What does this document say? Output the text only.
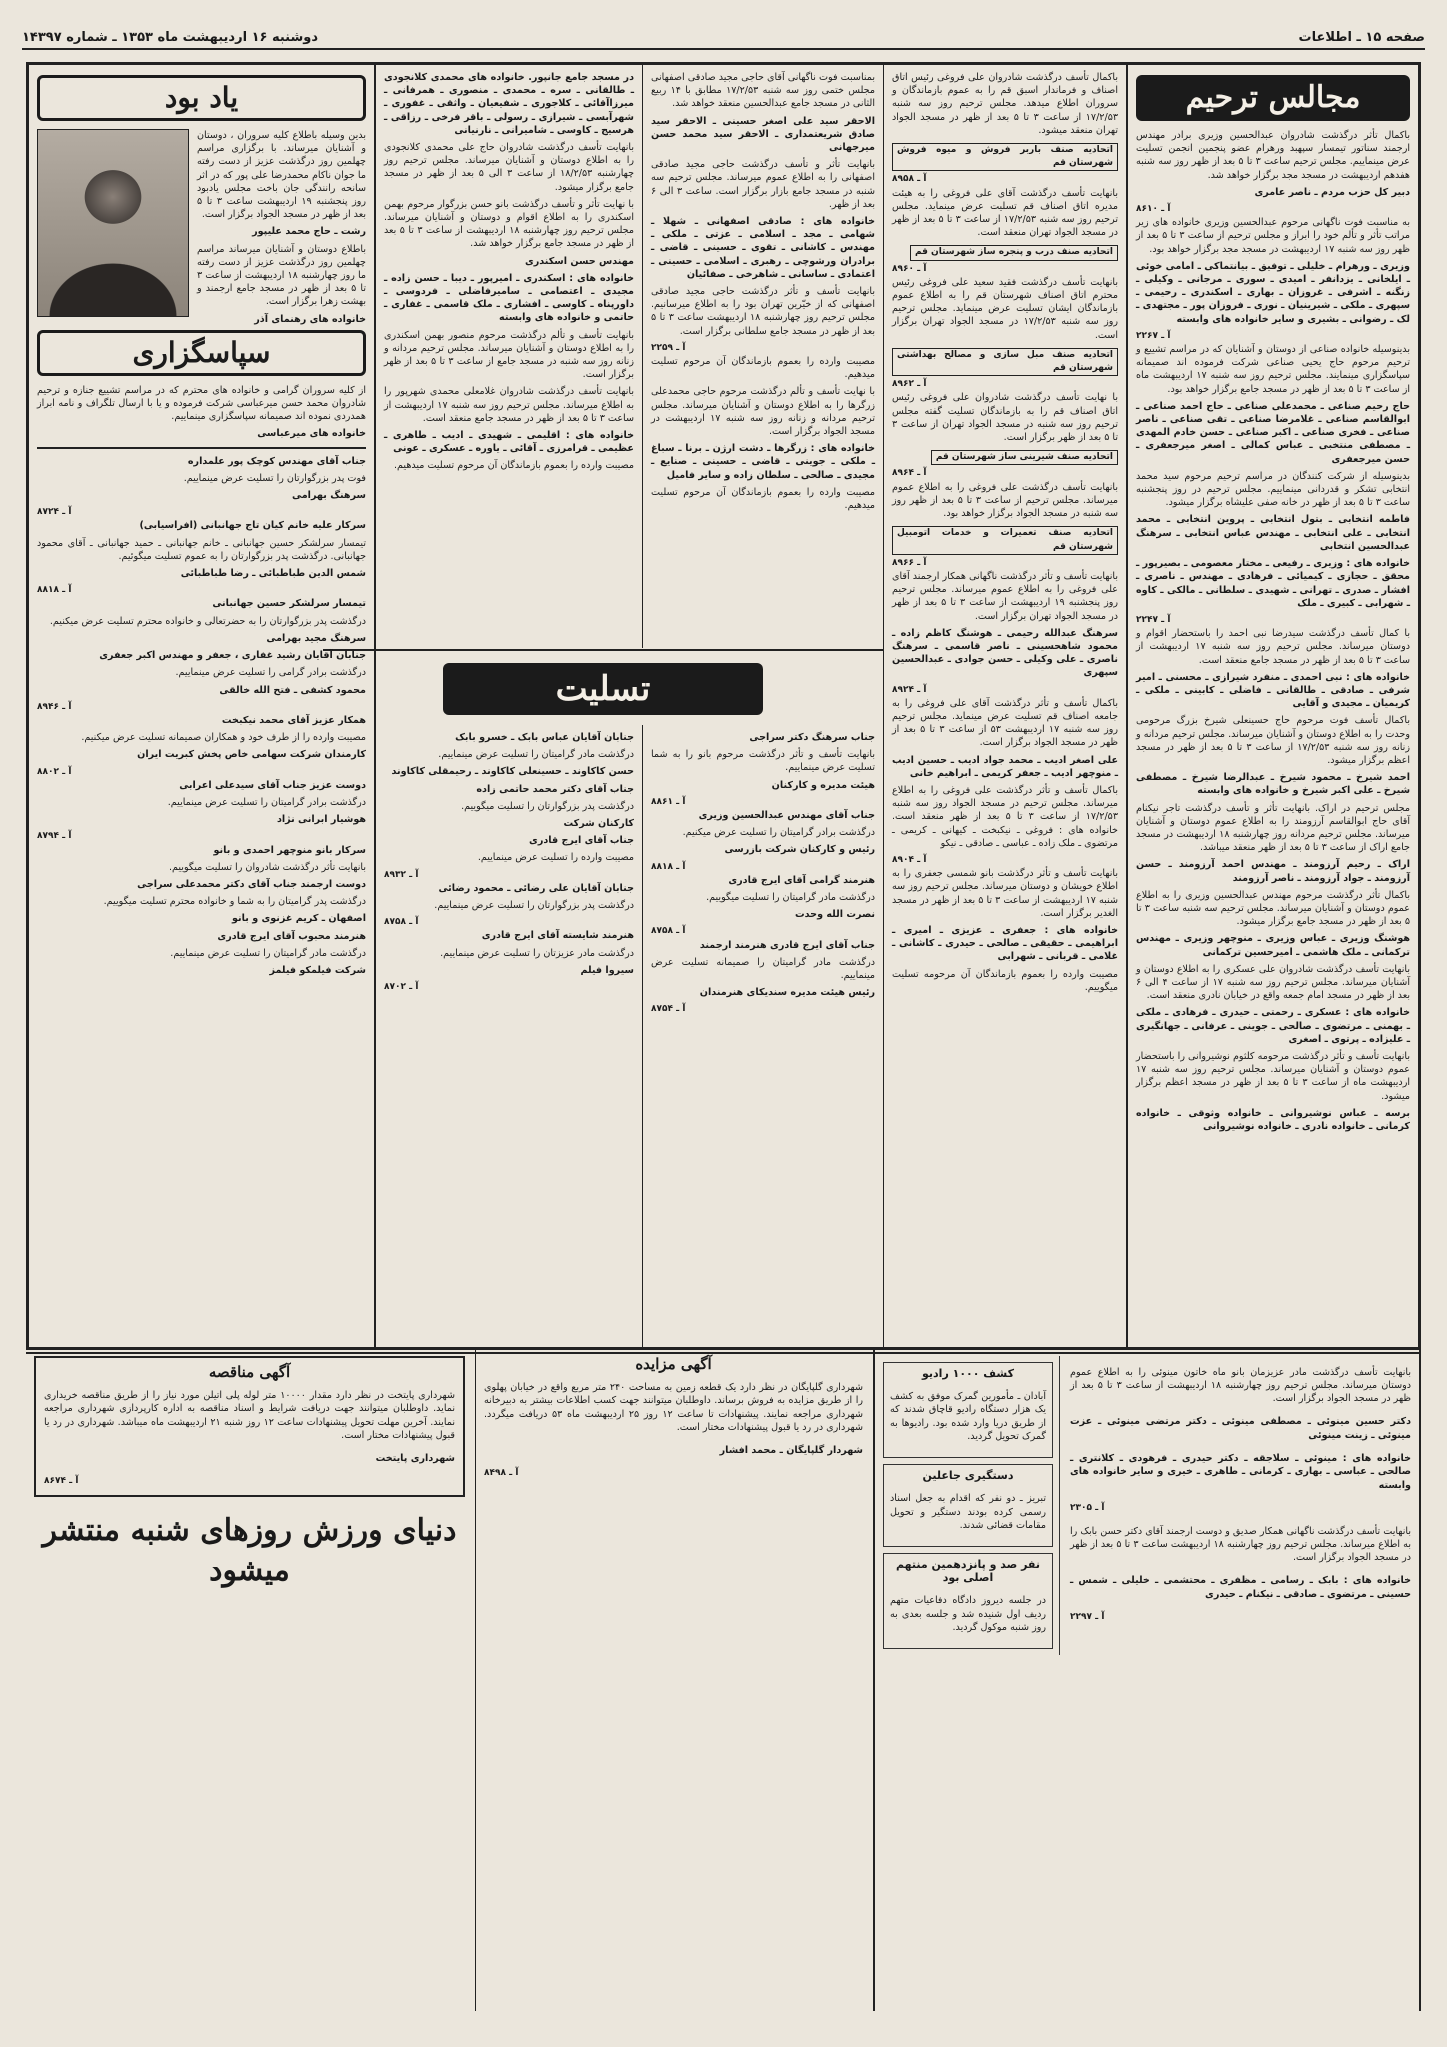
صفحه ۱۵ ـ اطلاعات
دوشنبه ۱۶ اردیبهشت ماه ۱۳۵۳ ـ شماره ۱۴۳۹۷
مجالس ترحیم

باکمال تأثر درگذشت شادروان عبدالحسین وزیری برادر مهندس ارجمند سناتور تیمسار سپهبد ورهرام عضو پنجمین انجمن تسلیت عرض مینماییم. مجلس ترحیم ساعت ۳ تا ۵ بعد از ظهر روز سه شنبه هفدهم اردیبهشت در مسجد مجد برگزار خواهد شد.

دبیر کل حزب مردم ـ ناصر عامری

آ ـ ۸۶۱۰

به مناسبت فوت ناگهانی مرحوم عبدالحسین وزیری خانواده های زیر مراتب تأثر و تألم خود را ابراز و مجلس ترحیم از ساعت ۳ تا ۵ بعد از ظهر روز سه شنبه ۱۷ اردیبهشت در مسجد مجد برگزار خواهد بود.

وزیری ـ ورهرام ـ خلیلی ـ توفیق ـ بیانتماکی ـ امامی خوئی ـ ایلخانی ـ یزدانفر ـ امیدی ـ سوری ـ مرجانی ـ وکیلی ـ زنگنه ـ اشرفی ـ غروزان ـ بهاری ـ اسکندری ـ رحیمی ـ سپهری ـ ملکی ـ شیرینیان ـ نوری ـ فروزان پور ـ مجتهدی ـ لک ـ رضوانی ـ بشیری و سایر خانواده های وابسته

آ ـ ۲۲۶۷

بدینوسیله خانواده صناعی از دوستان و آشنایان که در مراسم تشییع و ترحیم مرحوم حاج یحیی صناعی شرکت فرموده اند صمیمانه سپاسگزاری مینمایند. مجلس ترحیم روز سه شنبه ۱۷ اردیبهشت ماه از ساعت ۳ تا ۵ بعد از ظهر در مسجد جامع برگزار خواهد بود.

حاج رحیم صناعی ـ محمدعلی صناعی ـ حاج احمد صناعی ـ ابوالقاسم صناعی ـ غلامرضا صناعی ـ تقی صناعی ـ ناصر صناعی ـ فخری صناعی ـ اکبر صناعی ـ حسن خادم المهدی ـ مصطفی منتخبی ـ عباس کمالی ـ اصغر میرجعفری ـ حسن میرجعفری

بدینوسیله از شرکت کنندگان در مراسم ترحیم مرحوم سید محمد انتخابی تشکر و قدردانی مینماییم. مجلس ترحیم در روز پنجشنبه ساعت ۳ تا ۵ بعد از ظهر در خانه صفی علیشاه برگزار میشود.

فاطمه انتخابی ـ بتول انتخابی ـ پروین انتخابی ـ محمد انتخابی ـ علی انتخابی ـ مهندس عباس انتخابی ـ سرهنگ عبدالحسین انتخابی

خانواده های : وزیری ـ رفیعی ـ مختار معصومی ـ بصیرپور ـ محقق ـ حجازی ـ کیمیائی ـ فرهادی ـ مهندس ـ ناصری ـ افشار ـ صدری ـ تهرانی ـ شهیدی ـ سلطانی ـ مالکی ـ کاوه ـ شهرابی ـ کبیری ـ ملک

آ ـ ۲۲۴۷

با کمال تأسف درگذشت سیدرضا نبی احمد را باستحضار اقوام و دوستان میرساند. مجلس ترحیم روز سه شنبه ۱۷ اردیبهشت از ساعت ۳ تا ۵ بعد از ظهر در مسجد جامع منعقد است.

خانواده های : نبی احمدی ـ منفرد شیرازی ـ محسنی ـ امیر شرفی ـ صادقی ـ طالقانی ـ فاضلی ـ کابینی ـ ملکی ـ کریمیان ـ مجیدی و آقایی

باکمال تأسف فوت مرحوم حاج حسینعلی شیرخ بزرگ مرحومی وحدت را به اطلاع دوستان و آشنایان میرساند. مجلس ترحیم مردانه و زنانه روز سه شنبه ۱۷/۲/۵۳ از ساعت ۳ تا ۵ بعد از ظهر در مسجد اعظم برگزار میشود.

احمد شیرخ ـ محمود شیرخ ـ عبدالرضا شیرخ ـ مصطفی شیرخ ـ علی اکبر شیرخ و خانواده های وابسته

مجلس ترحیم در اراک. بانهایت تأثر و تأسف درگذشت تاجر نیکنام آقای حاج ابوالقاسم آرزومند را به اطلاع عموم دوستان و آشنایان میرساند. مجلس ترحیم مردانه روز چهارشنبه ۱۸ اردیبهشت در مسجد جامع اراک از ساعت ۳ تا ۵ بعد از ظهر منعقد میباشد.

اراک ـ رحیم آرزومند ـ مهندس احمد آرزومند ـ حسن آرزومند ـ جواد آرزومند ـ ناصر آرزومند

باکمال تأثر درگذشت مرحوم مهندس عبدالحسین وزیری را به اطلاع عموم دوستان و آشنایان میرساند. مجلس ترحیم سه شنبه ساعت ۳ تا ۵ بعد از ظهر در مسجد جامع برگزار میشود.

هوشنگ وزیری ـ عباس وزیری ـ منوچهر وزیری ـ مهندس ترکمانی ـ ملک هاشمی ـ امیرحسین ترکمانی

بانهایت تأسف درگذشت شادروان علی عسکری را به اطلاع دوستان و آشنایان میرساند. مجلس ترحیم روز سه شنبه ۱۷ از ساعت ۴ الی ۶ بعد از ظهر در مسجد امام جمعه واقع در خیابان نادری منعقد است.

خانواده های : عسکری ـ رحمتی ـ حیدری ـ فرهادی ـ ملکی ـ بهمنی ـ مرتضوی ـ صالحی ـ جوینی ـ عرفانی ـ جهانگیری ـ علیزاده ـ پرتوی ـ اصغری

بانهایت تأسف و تأثر درگذشت مرحومه کلثوم نوشیروانی را باستحضار عموم دوستان و آشنایان میرساند. مجلس ترحیم روز سه شنبه ۱۷ اردیبهشت ماه از ساعت ۳ تا ۵ بعد از ظهر در مسجد اعظم برگزار میشود.

برسه ـ عباس نوشیروانی ـ خانواده وثوقی ـ خانواده کرمانی ـ خانواده نادری ـ خانواده نوشیروانی

باکمال تأسف درگذشت شادروان علی فروغی رئیس اتاق اصناف و فرماندار اسبق قم را به عموم بازماندگان و سروران اطلاع میدهد. مجلس ترحیم روز سه شنبه ۱۷/۲/۵۳ از ساعت ۳ تا ۵ بعد از ظهر در مسجد الجواد تهران منعقد میشود.

اتحادیه صنف باربر فروش و میوه فروش شهرستان قم
آ ـ ۸۹۵۸

بانهایت تأسف درگذشت آقای علی فروغی را به هیئت مدیره اتاق اصناف قم تسلیت عرض مینماید. مجلس ترحیم روز سه شنبه ۱۷/۲/۵۳ از ساعت ۳ تا ۵ بعد از ظهر در مسجد الجواد تهران منعقد است.

اتحادیه صنف درب و پنجره ساز شهرستان قم
آ ـ ۸۹۶۰

بانهایت تأسف درگذشت فقید سعید علی فروغی رئیس محترم اتاق اصناف شهرستان قم را به اطلاع عموم بازماندگان ایشان تسلیت عرض مینماید. مجلس ترحیم روز سه شنبه ۱۷/۲/۵۳ در مسجد الجواد تهران برگزار است.

اتحادیه صنف مبل سازی و مصالح بهداشتی شهرستان قم
آ ـ ۸۹۶۲

با نهایت تأسف درگذشت شادروان علی فروغی رئیس اتاق اصناف قم را به بازماندگان تسلیت گفته مجلس ترحیم روز سه شنبه در مسجد الجواد تهران از ساعت ۳ تا ۵ بعد از ظهر برگزار است.

اتحادیه صنف شیرینی ساز شهرستان قم
آ ـ ۸۹۶۴

بانهایت تأسف درگذشت علی فروغی را به اطلاع عموم میرساند. مجلس ترحیم از ساعت ۳ تا ۵ بعد از ظهر روز سه شنبه در مسجد الجواد برگزار خواهد بود.

اتحادیه صنف تعمیرات و خدمات اتومبیل شهرستان قم
آ ـ ۸۹۶۶

بانهایت تأسف و تأثر درگذشت ناگهانی همکار ارجمند آقای علی فروغی را به اطلاع عموم میرساند. مجلس ترحیم روز پنجشنبه ۱۹ اردیبهشت از ساعت ۳ تا ۵ بعد از ظهر در مسجد الجواد تهران برگزار است.

سرهنگ عبدالله رحیمی ـ هوشنگ کاظم زاده ـ محمود شاهحسینی ـ ناصر قاسمی ـ سرهنگ ناصری ـ علی وکیلی ـ حسن جوادی ـ عبدالحسین سپهری

آ ـ ۸۹۲۴

باکمال تأسف و تأثر درگذشت آقای علی فروغی را به جامعه اصناف قم تسلیت عرض مینماید. مجلس ترحیم روز سه شنبه ۱۷ اردیبهشت ۵۳ از ساعت ۳ تا ۵ بعد از ظهر در مسجد الجواد برگزار است.

علی اصغر ادیب ـ محمد جواد ادیب ـ حسین ادیب ـ منوچهر ادیب ـ جعفر کریمی ـ ابراهیم خانی

باکمال تأسف و تأثر درگذشت علی فروغی را به اطلاع میرساند. مجلس ترحیم در مسجد الجواد روز سه شنبه ۱۷/۲/۵۳ از ساعت ۳ تا ۵ بعد از ظهر منعقد است. خانواده های : فروغی ـ نیکبخت ـ کیهانی ـ کریمی ـ مرتضوی ـ ملک زاده ـ عباسی ـ صادقی ـ نیکو

آ ـ ۸۹۰۴

بانهایت تأسف و تأثر درگذشت بانو شمسی جعفری را به اطلاع خویشان و دوستان میرساند. مجلس ترحیم روز سه شنبه ۱۷ اردیبهشت از ساعت ۳ تا ۵ بعد از ظهر در مسجد الغدیر برگزار است.

خانواده های : جعفری ـ عزیزی ـ امیری ـ ابراهیمی ـ حقیقی ـ صالحی ـ حیدری ـ کاشانی ـ غلامی ـ قربانی ـ شهرابی

مصیبت وارده را بعموم بازماندگان آن مرحومه تسلیت میگوییم.

بمناسبت فوت ناگهانی آقای حاجی مجید صادقی اصفهانی مجلس ختمی روز سه شنبه ۱۷/۲/۵۳ مطابق با ۱۴ ربیع الثانی در مسجد جامع عبدالحسین منعقد خواهد شد.

الاحقر سید علی اصغر حسینی ـ الاحقر سید صادق شریعتمداری ـ الاحقر سید محمد حسن میرجهانی

بانهایت تأثر و تأسف درگذشت حاجی مجید صادقی اصفهانی را به اطلاع عموم میرساند. مجلس ترحیم سه شنبه در مسجد جامع بازار برگزار است. ساعت ۳ الی ۶ بعد از ظهر.

خانواده های : صادقی اصفهانی ـ شهلا ـ شهامی ـ مجد ـ اسلامی ـ عزتی ـ ملکی ـ مهندس ـ کاشانی ـ تقوی ـ حسینی ـ قاضی ـ برادران ورشوچی ـ رهبری ـ اسلامی ـ حسینی ـ اعتمادی ـ ساسانی ـ شاهرخی ـ صفائیان

بانهایت تأسف و تأثر درگذشت حاجی مجید صادقی اصفهانی که از خیّرین تهران بود را به اطلاع میرسانیم. مجلس ترحیم روز چهارشنبه ۱۸ اردیبهشت ساعت ۳ تا ۵ بعد از ظهر در مسجد جامع سلطانی برگزار است.

آ ـ ۲۲۵۹

مصیبت وارده را بعموم بازماندگان آن مرحوم تسلیت میدهیم.

با نهایت تأسف و تألم درگذشت مرحوم حاجی محمدعلی زرگرها را به اطلاع دوستان و آشنایان میرساند. مجلس ترحیم مردانه و زنانه روز سه شنبه ۱۷ اردیبهشت در مسجد الجواد برگزار است.

خانواده های : زرگرها ـ دشت ارژن ـ برنا ـ سباغ ـ ملکی ـ جوینی ـ قاضی ـ حسینی ـ صنایع ـ مجیدی ـ صالحی ـ سلطان زاده و سایر فامیل

مصیبت وارده را بعموم بازماندگان آن مرحوم تسلیت میدهیم.

در مسجد جامع جانپور. خانواده های محمدی کلانجودی ـ طالقانی ـ سره ـ محمدی ـ منصوری ـ همرفانی ـ میرزاآقائی ـ کلاجوری ـ شفیعیان ـ واثقی ـ غفوری ـ شهرآبسی ـ شیرازی ـ رسولی ـ باقر فرخی ـ رزاقی ـ هرسیج ـ کاوسی ـ شامیرانی ـ نارنیانی

بانهایت تأسف درگذشت شادروان حاج علی محمدی کلانجودی را به اطلاع دوستان و آشنایان میرساند. مجلس ترحیم روز چهارشنبه ۱۸/۲/۵۳ از ساعت ۳ الی ۵ بعد از ظهر در مسجد جامع برگزار میشود.

با نهایت تأثر و تأسف درگذشت بانو حسن بزرگوار مرحوم بهمن اسکندری را به اطلاع اقوام و دوستان و آشنایان میرساند. مجلس ترحیم روز چهارشنبه ۱۸ اردیبهشت از ساعت ۳ تا ۵ بعد از ظهر در مسجد جامع برگزار خواهد شد.

مهندس حسن اسکندری

خانواده های : اسکندری ـ امیرپور ـ دیبا ـ حسن زاده ـ مجیدی ـ اعتصامی ـ سامیرفاضلی ـ فردوسی ـ داورپناه ـ کاوسی ـ افشاری ـ ملک قاسمی ـ غفاری ـ حاتمی و خانواده های وابسته

بانهایت تأسف و تألم درگذشت مرحوم منصور بهمن اسکندری را به اطلاع دوستان و آشنایان میرساند. مجلس ترحیم مردانه و زنانه روز سه شنبه در مسجد جامع از ساعت ۳ تا ۵ بعد از ظهر برگزار است.

بانهایت تأسف درگذشت شادروان غلامعلی محمدی شهرپور را به اطلاع میرساند. مجلس ترحیم روز سه شنبه ۱۷ اردیبهشت از ساعت ۳ تا ۵ بعد از ظهر در مسجد جامع منعقد است.

خانواده های : اقلیمی ـ شهیدی ـ ادیب ـ طاهری ـ عظیمی ـ قرامرزی ـ آقائی ـ یاوره ـ عسکری ـ عونی

مصیبت وارده را بعموم بازماندگان آن مرحوم تسلیت میدهیم.

تسلیت

جناب سرهنگ دکتر سراجی

بانهایت تأسف و تأثر درگذشت مرحوم بانو را به شما تسلیت عرض مینماییم.

هیئت مدیره و کارکنان

آ ـ ۸۸۶۱

جناب آقای مهندس عبدالحسین وزیری

درگذشت برادر گرامیتان را تسلیت عرض میکنیم.

رئیس و کارکنان شرکت بازرسی

آ ـ ۸۸۱۸

هنرمند گرامی آقای ایرج قادری

درگذشت مادر گرامیتان را تسلیت میگوییم.

نصرت الله وحدت

آ ـ ۸۷۵۸

جناب آقای ایرج قادری هنرمند ارجمند

درگذشت مادر گرامیتان را صمیمانه تسلیت عرض مینماییم.

رئیس هیئت مدیره سندیکای هنرمندان

آ ـ ۸۷۵۴

جنابان آقایان عباس بابک ـ خسرو بابک

درگذشت مادر گرامیتان را تسلیت عرض مینماییم.

حسن کاکاوند ـ حسینعلی کاکاوند ـ رحیمقلی کاکاوند

جناب آقای دکتر محمد حاتمی زاده

درگذشت پدر بزرگوارتان را تسلیت میگوییم.

کارکنان شرکت

جناب آقای ایرج قادری

مصیبت وارده را تسلیت عرض مینماییم.

آ ـ ۸۹۳۲

جنابان آقایان علی رضائی ـ محمود رضائی

درگذشت پدر بزرگوارتان را تسلیت عرض مینماییم.

آ ـ ۸۷۵۸

هنرمند شایسته آقای ایرج قادری

درگذشت مادر عزیزتان را تسلیت عرض مینماییم.

سیروا فیلم

آ ـ ۸۷۰۲
یاد بود

بدین وسیله باطلاع کلیه سروران ، دوستان و آشنایان میرساند. با برگزاری مراسم چهلمین روز درگذشت عزیز از دست رفته ما جوان ناکام محمدرضا علی پور که در اثر سانحه رانندگی جان باخت مجلس یادبود روز پنجشنبه ۱۹ اردیبهشت ساعت ۳ تا ۵ بعد از ظهر در مسجد الجواد برگزار است.

رشت ـ حاج محمد علیپور

باطلاع دوستان و آشنایان میرساند مراسم چهلمین روز درگذشت عزیز از دست رفته ما روز چهارشنبه ۱۸ اردیبهشت از ساعت ۳ تا ۵ بعد از ظهر در مسجد جامع ارجمند و بهشت زهرا برگزار است.

خانواده های رهنمای آذر

سپاسگزاری

از کلیه سروران گرامی و خانواده های محترم که در مراسم تشییع جنازه و ترحیم شادروان محمد حسن میرعباسی شرکت فرموده و یا با ارسال تلگراف و نامه ابراز همدردی نموده اند صمیمانه سپاسگزاری مینماییم.

خانواده های میرعباسی

جناب آقای مهندس کوچک پور علمداره

فوت پدر بزرگوارتان را تسلیت عرض مینماییم.

سرهنگ بهرامی

آ ـ ۸۷۲۴

سرکار علیه خانم کیان تاج جهانبانی (افراسیابی)

تیمسار سرلشکر حسین جهانبانی ـ خانم جهانبانی ـ حمید جهانبانی ـ آقای محمود جهانبانی. درگذشت پدر بزرگوارتان را به عموم تسلیت میگوئیم.

شمس الدین طباطبائی ـ رضا طباطبائی

آ ـ ۸۸۱۸

تیمسار سرلشکر حسین جهانبانی

درگذشت پدر بزرگوارتان را به حضرتعالی و خانواده محترم تسلیت عرض میکنیم.

سرهنگ مجید بهرامی

جنابان آقایان رشید غفاری ، جعفر و مهندس اکبر جعفری

درگذشت برادر گرامی را تسلیت عرض مینماییم.

محمود کشفی ـ فتح الله خالقی

آ ـ ۸۹۴۶

همکار عزیز آقای محمد نیکبخت

مصیبت وارده را از طرف خود و همکاران صمیمانه تسلیت عرض میکنیم.

کارمندان شرکت سهامی خاص پخش کبریت ایران

آ ـ ۸۸۰۲

دوست عزیز جناب آقای سیدعلی اعرابی

درگذشت برادر گرامیتان را تسلیت عرض مینماییم.

هوشیار ابرانی نژاد

آ ـ ۸۷۹۴

سرکار بانو منوچهر احمدی و بانو

بانهایت تأثر درگذشت شادروان را تسلیت میگوییم.

دوست ارجمند جناب آقای دکتر محمدعلی سراجی

درگذشت پدر گرامیتان را به شما و خانواده محترم تسلیت میگوییم.

اصفهان ـ کریم غزنوی و بانو

هنرمند محبوب آقای ایرج قادری

درگذشت مادر گرامیتان را تسلیت عرض مینماییم.

شرکت فیلمکو فیلمز

بانهایت تأسف درگذشت مادر عزیزمان بانو ماه خاتون مینوئی را به اطلاع عموم دوستان میرساند. مجلس ترحیم روز چهارشنبه ۱۸ اردیبهشت از ساعت ۳ تا ۵ بعد از ظهر در مسجد الجواد برگزار است.

دکتر حسین مینوئی ـ مصطفی مینوئی ـ دکتر مرتضی مینوئی ـ عزت مینوئی ـ زینت مینوئی

خانواده های : مینوئی ـ سلاجقه ـ دکتر حیدری ـ فرهودی ـ کلانتری ـ صالحی ـ عباسی ـ بهاری ـ کرمانی ـ طاهری ـ خیری و سایر خانواده های وابسته

آ ـ ۲۳۰۵

بانهایت تأسف درگذشت ناگهانی همکار صدیق و دوست ارجمند آقای دکتر حسن بابک را به اطلاع میرساند. مجلس ترحیم روز چهارشنبه ۱۸ اردیبهشت ساعت ۳ تا ۵ بعد از ظهر در مسجد الجواد برگزار است.

خانواده های : بابک ـ رسامی ـ مظفری ـ محتشمی ـ خلیلی ـ شمس ـ حسینی ـ مرتضوی ـ صادقی ـ نیکنام ـ حیدری

آ ـ ۲۲۹۷
کشف ۱۰۰۰ رادیو

آبادان ـ مأمورین گمرک موفق به کشف یک هزار دستگاه رادیو قاچاق شدند که از طریق دریا وارد شده بود. رادیوها به گمرک تحویل گردید.

دستگیری جاعلین

تبریز ـ دو نفر که اقدام به جعل اسناد رسمی کرده بودند دستگیر و تحویل مقامات قضائی شدند.

نفر صد و پانزدهمین منتهم اصلی بود

در جلسه دیروز دادگاه دفاعیات متهم ردیف اول شنیده شد و جلسه بعدی به روز شنبه موکول گردید.

آگهی مزایده

شهرداری گلپایگان در نظر دارد یک قطعه زمین به مساحت ۲۴۰ متر مربع واقع در خیابان پهلوی را از طریق مزایده به فروش برساند. داوطلبان میتوانند جهت کسب اطلاعات بیشتر به دبیرخانه شهرداری مراجعه نمایند. پیشنهادات تا ساعت ۱۲ روز ۲۵ اردیبهشت ماه ۵۳ دریافت میگردد. شهرداری در رد یا قبول پیشنهادات مختار است.

شهردار گلپایگان ـ محمد افشار

آ ـ ۸۴۹۸
آگهی مناقصه

شهرداری پایتخت در نظر دارد مقدار ۱۰۰۰۰ متر لوله پلی اتیلن مورد نیاز را از طریق مناقصه خریداری نماید. داوطلبان میتوانند جهت دریافت شرایط و اسناد مناقصه به اداره کارپردازی شهرداری مراجعه نمایند. آخرین مهلت تحویل پیشنهادات ساعت ۱۲ روز شنبه ۲۱ اردیبهشت ماه میباشد. شهرداری در رد یا قبول پیشنهادات مختار است.

شهرداری پایتخت

آ ـ ۸۶۷۴
دنیای ورزش روزهای شنبه منتشر میشود
